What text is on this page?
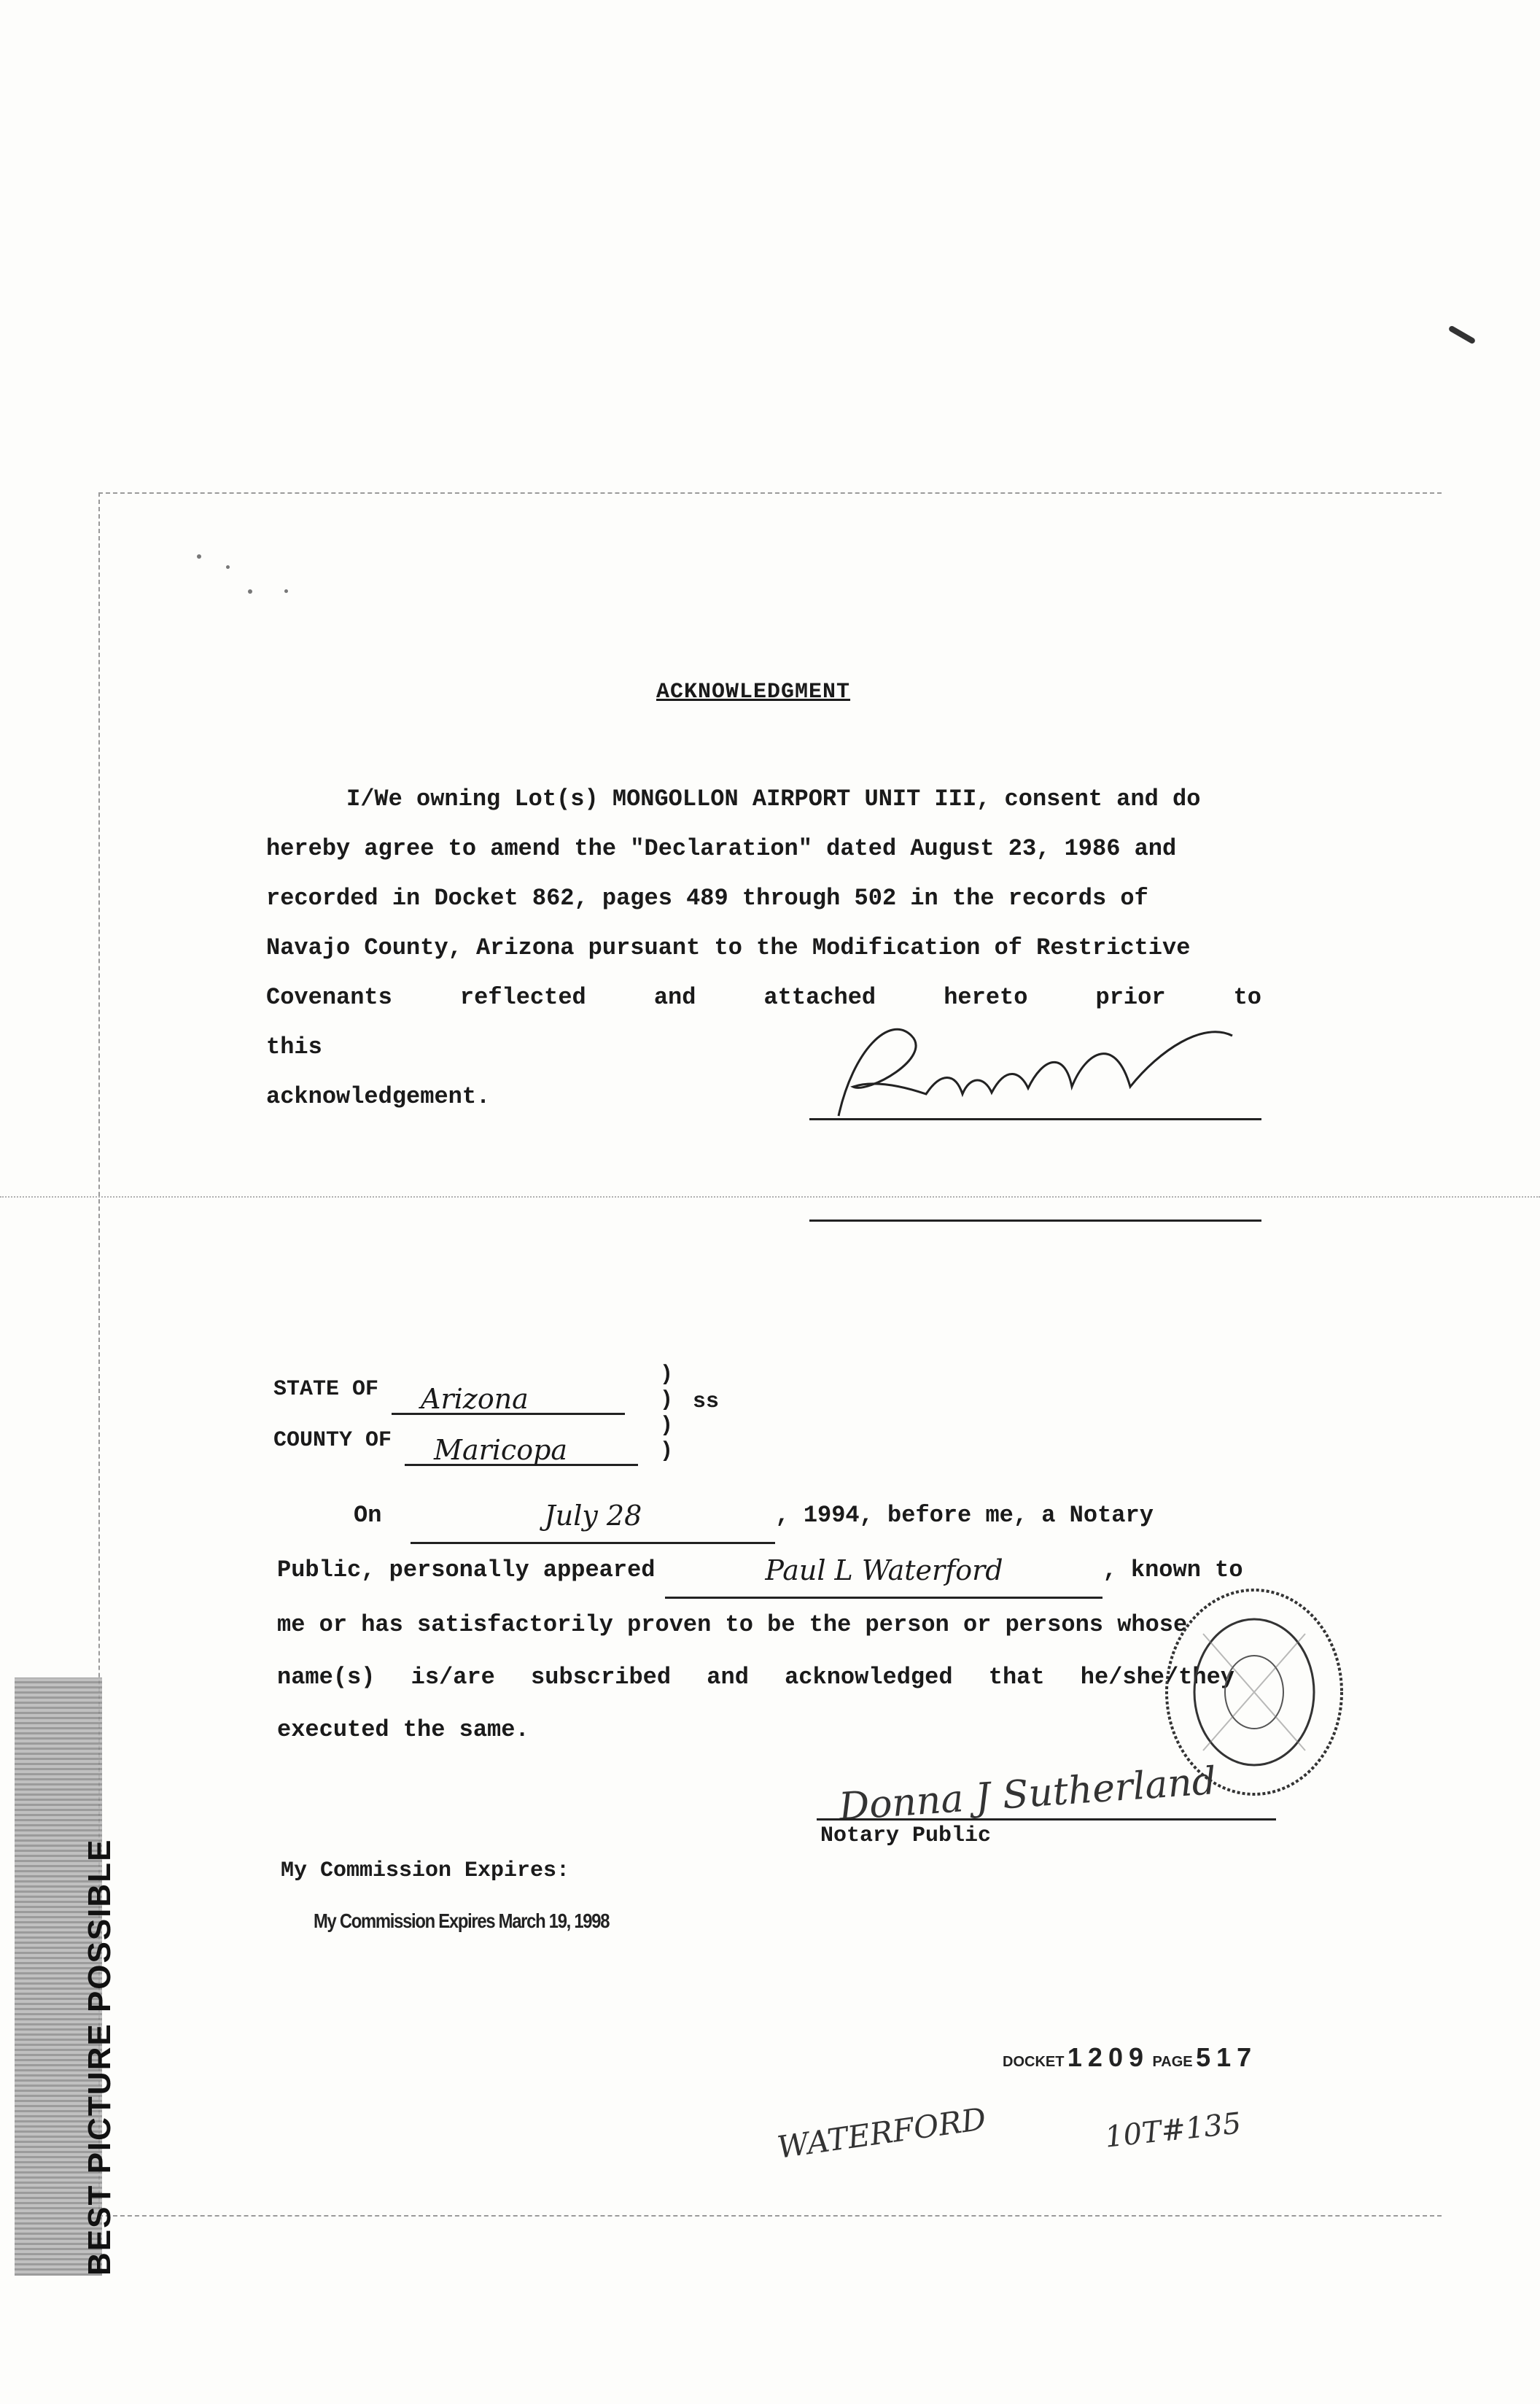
ACKNOWLEDGMENT
I/We owning Lot(s) MONGOLLON AIRPORT UNIT III, consent and do
hereby agree to amend the "Declaration" dated August 23, 1986 and
recorded in Docket 862, pages 489 through 502 in the records of
Navajo County, Arizona pursuant to the Modification of Restrictive
Covenants reflected and attached hereto prior to this
acknowledgement.
STATE OF Arizona
COUNTY OF Maricopa
)
)
)
)
ss
On	July 28	, 1994, before me, a Notary
Public, personally appeared	Paul L Waterford	, known to
me or has satisfactorily proven to be the person or persons whose
name(s) is/are subscribed and acknowledged that he/she/they
executed the same.
Donna J Sutherland
Notary Public
My Commission Expires:
My Commission Expires March 19, 1998
DOCKET 1209 PAGE 517
WATERFORD	10T#135
BEST PICTURE POSSIBLE
